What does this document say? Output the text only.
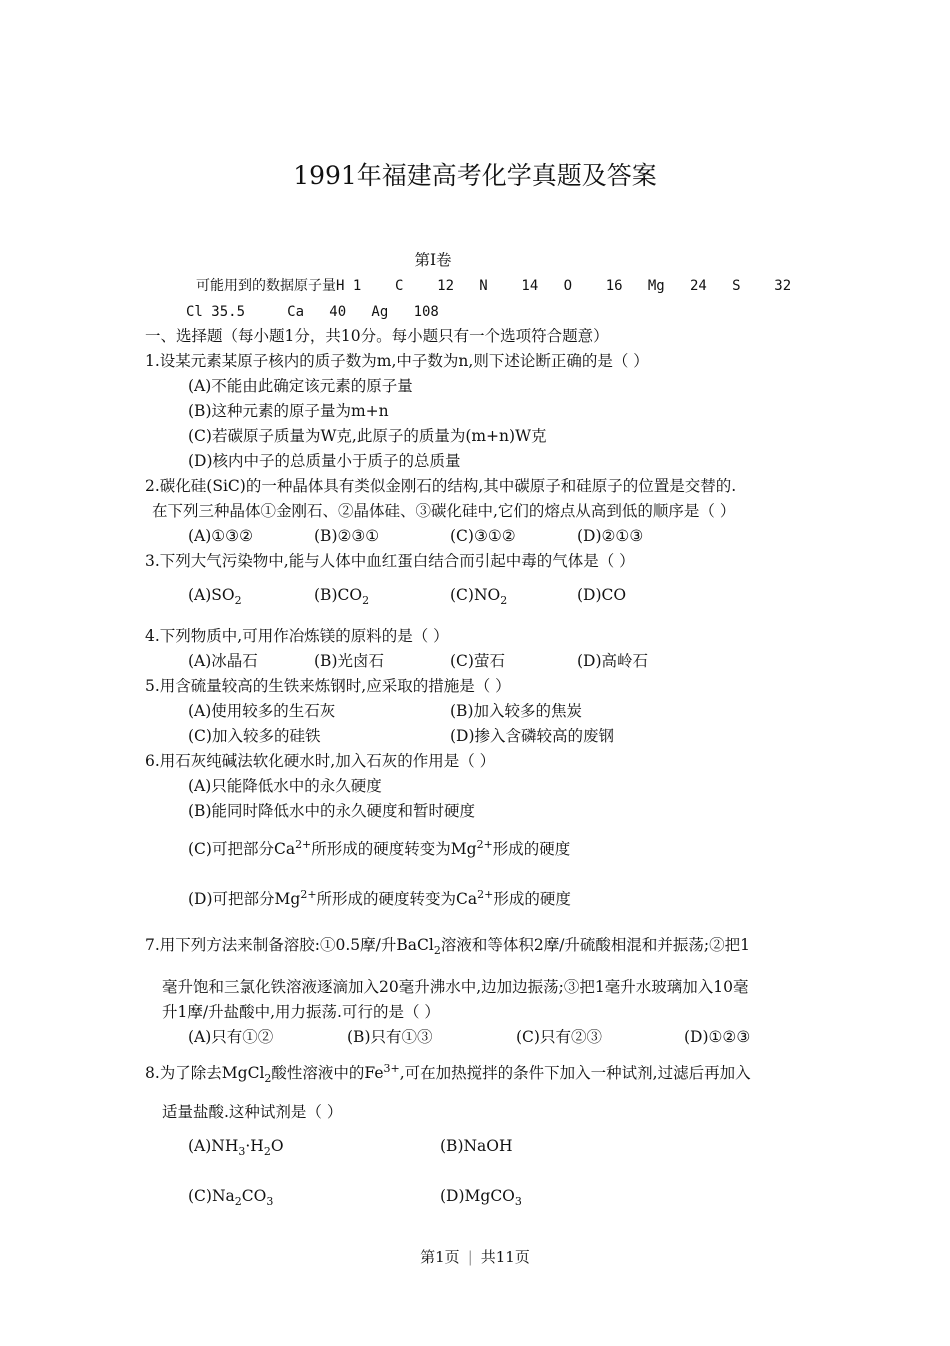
1991年福建高考化学真题及答案
第Ⅰ卷
可能用到的数据原子量H 1    C    12   N    14   O    16   Mg   24   S    32
Cl 35.5     Ca   40   Ag   108
一、选择题（每小题1分，共10分。每小题只有一个选项符合题意）
1.设某元素某原子核内的质子数为m,中子数为n,则下述论断正确的是（ ）
(A)不能由此确定该元素的原子量
(B)这种元素的原子量为m+n
(C)若碳原子质量为W克,此原子的质量为(m+n)W克
(D)核内中子的总质量小于质子的总质量
2.碳化硅(SiC)的一种晶体具有类似金刚石的结构,其中碳原子和硅原子的位置是交替的.
在下列三种晶体①金刚石、②晶体硅、③碳化硅中,它们的熔点从高到低的顺序是（ ）
(A)①③②	(B)②③①	(C)③①②	(D)②①③
3.下列大气污染物中,能与人体中血红蛋白结合而引起中毒的气体是（ ）
$(A)SO_2$	$(B)CO_2$	$(C)NO_2$	(D)CO
4.下列物质中,可用作冶炼镁的原料的是（ ）
(A)冰晶石	(B)光卤石	(C)萤石	(D)高岭石
5.用含硫量较高的生铁来炼钢时,应采取的措施是（ ）
(A)使用较多的生石灰	(B)加入较多的焦炭
(C)加入较多的硅铁	(D)掺入含磷较高的废钢
6.用石灰纯碱法软化硬水时,加入石灰的作用是（ ）
(A)只能降低水中的永久硬度
(B)能同时降低水中的永久硬度和暂时硬度
(C)可把部分$Ca^{2+}$所形成的硬度转变为$Mg^{2+}$形成的硬度
(D)可把部分$Mg^{2+}$所形成的硬度转变为$Ca^{2+}$形成的硬度
7.用下列方法来制备溶胶:①0.5摩/升BaCl$_2$溶液和等体积2摩/升硫酸相混和并振荡;②把1
毫升饱和三氯化铁溶液逐滴加入20毫升沸水中,边加边振荡;③把1毫升水玻璃加入10毫
升1摩/升盐酸中,用力振荡.可行的是（ ）
(A)只有①②	(B)只有①③	(C)只有②③	(D)①②③
8.为了除去MgCl$_2$酸性溶液中的$Fe^{3+}$,可在加热搅拌的条件下加入一种试剂,过滤后再加入
适量盐酸.这种试剂是（ ）
$(A)NH_3\cdot H_2O$	(B)NaOH
$(C)Na_2CO_3$	(D)MgCO$_3$
第1页 | 共11页
